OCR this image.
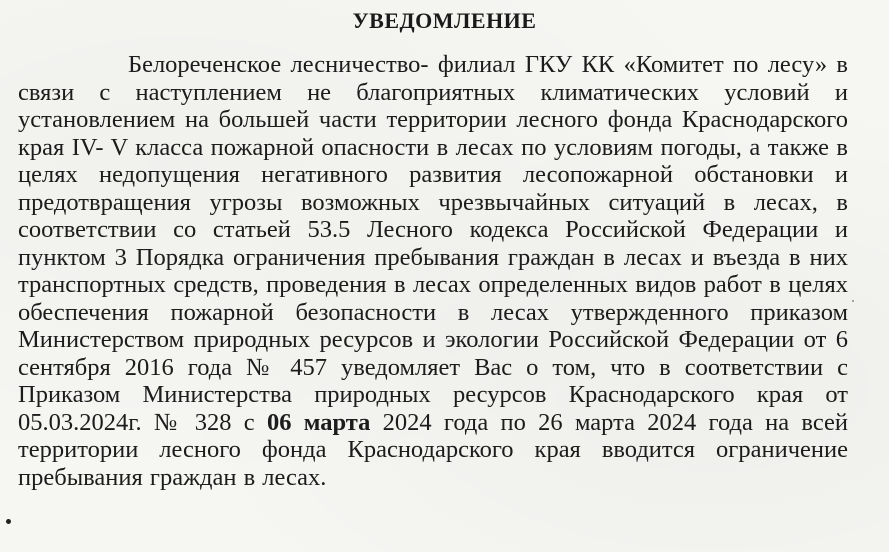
УВЕДОМЛЕНИЕ

Белореченское лесничество- филиал ГКУ КК «Комитет по лесу» в связи с наступлением не благоприятных климатических условий и установлением на большей части территории лесного фонда Краснодарского края IV- V класса пожарной опасности в лесах по условиям погоды, а также в целях недопущения негативного развития лесопожарной обстановки и предотвращения угрозы возможных чрезвычайных ситуаций в лесах, в соответствии со статьей 53.5 Лесного кодекса Российской Федерации и пунктом 3 Порядка ограничения пребывания граждан в лесах и въезда в них транспортных средств, проведения в лесах определенных видов работ в целях обеспечения пожарной безопасности в лесах утвержденного приказом Министерством природных ресурсов и экологии Российской Федерации от 6 сентября 2016 года № 457 уведомляет Вас о том, что в соответствии с Приказом Министерства природных ресурсов Краснодарского края от 05.03.2024г. № 328 с 06 марта 2024 года по 26 марта 2024 года на всей территории лесного фонда Краснодарского края вводится ограничение пребывания граждан в лесах.
